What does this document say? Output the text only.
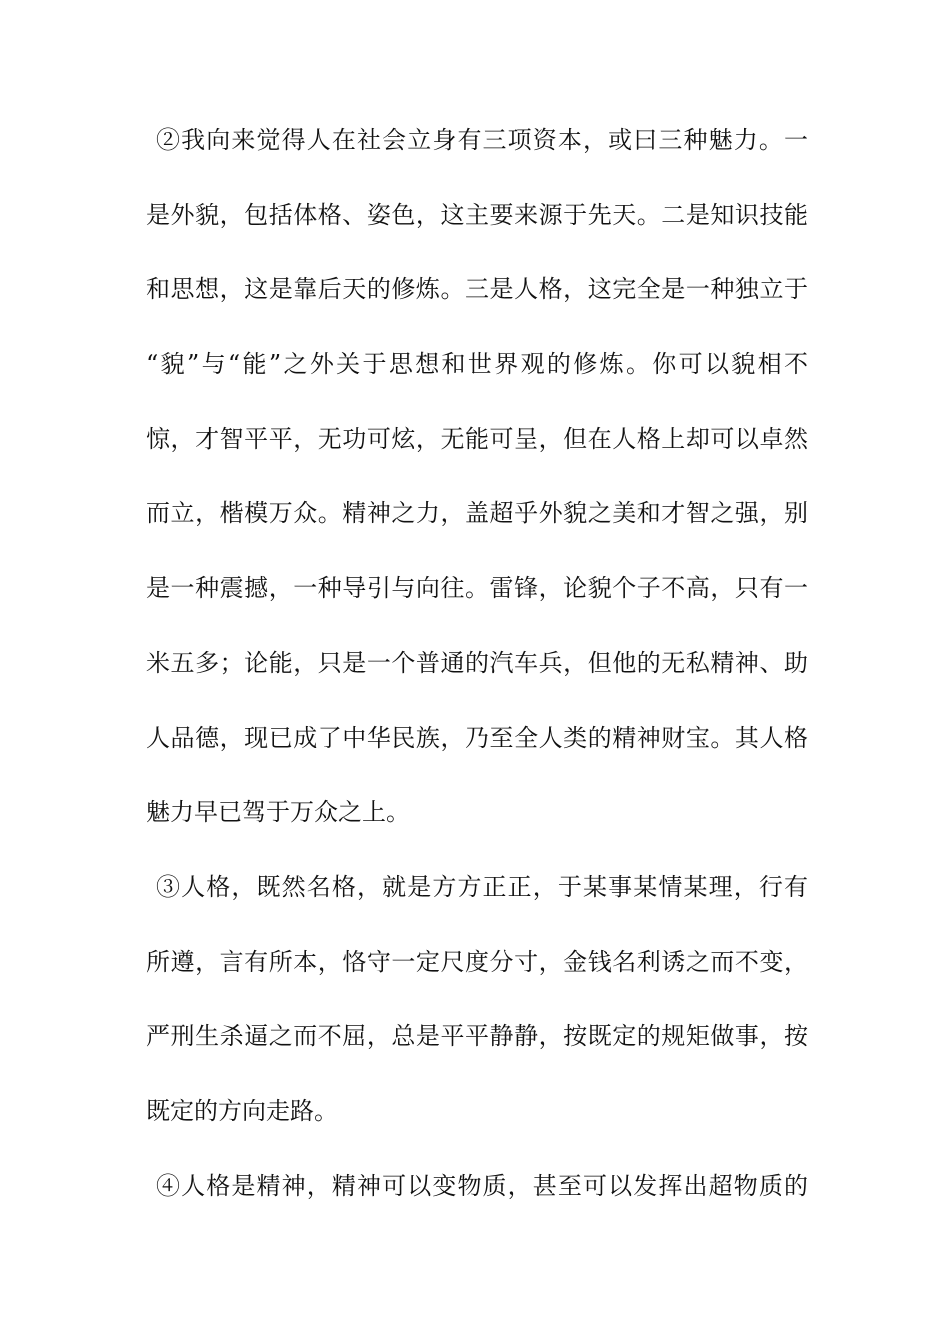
②我向来觉得人在社会立身有三项资本，或曰三种魅力。一
是外貌，包括体格、姿色，这主要来源于先天。二是知识技能
和思想，这是靠后天的修炼。三是人格，这完全是一种独立于
“貌”与“能”之外关于思想和世界观的修炼。你可以貌相不
惊，才智平平，无功可炫，无能可呈，但在人格上却可以卓然
而立，楷模万众。精神之力，盖超乎外貌之美和才智之强，别
是一种震撼，一种导引与向往。雷锋，论貌个子不高，只有一
米五多；论能，只是一个普通的汽车兵，但他的无私精神、助
人品德，现已成了中华民族，乃至全人类的精神财宝。其人格
魅力早已驾于万众之上。
③人格，既然名格，就是方方正正，于某事某情某理，行有
所遵，言有所本，恪守一定尺度分寸，金钱名利诱之而不变，
严刑生杀逼之而不屈，总是平平静静，按既定的规矩做事，按
既定的方向走路。
④人格是精神，精神可以变物质，甚至可以发挥出超物质的
